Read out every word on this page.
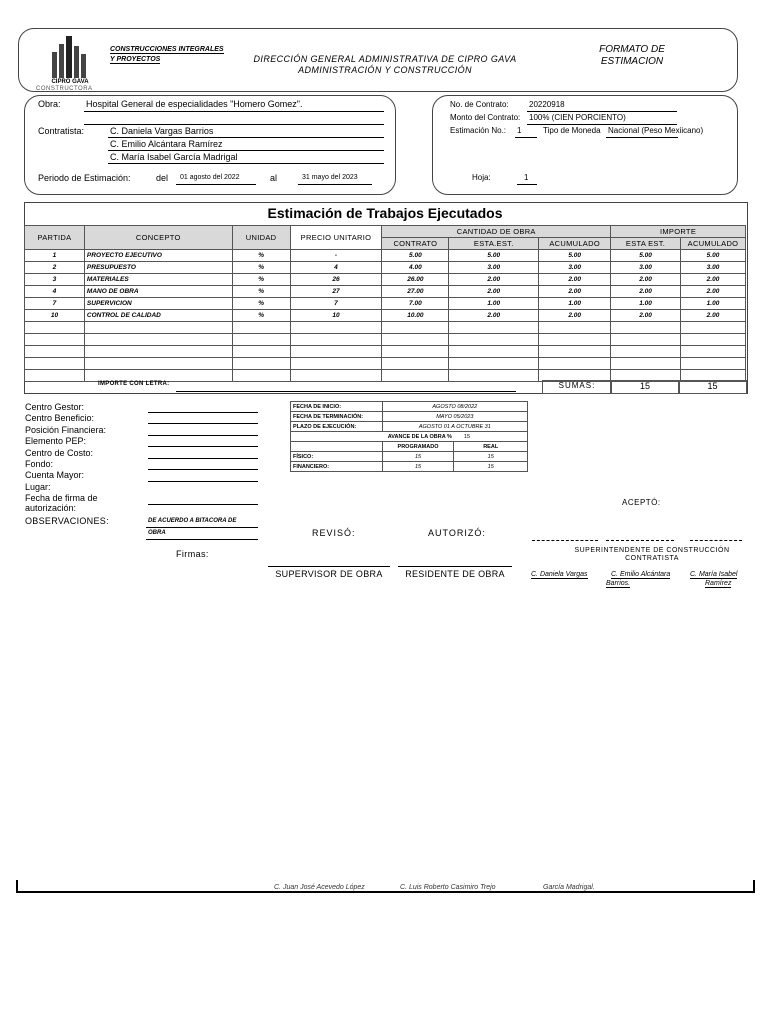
CIPRO GAVA
CONSTRUCTORA
CONSTRUCCIONES INTEGRALES
Y PROYECTOS	DIRECCIÓN GENERAL ADMINISTRATIVA DE CIPRO GAVA
ADMINISTRACIÓN Y CONSTRUCCIÓN
FORMATO DE
ESTIMACION
Obra:	Hospital General de especialidades "Homero Gomez".
Contratista:	C. Daniela Vargas Barrios
C. Emilio Alcántara Ramírez
C. María Isabel García Madrigal
Periodo de Estimación:	del 01 agosto del 2022	al	31 mayo del 2023
No. de Contrato:	20220918
Monto del Contrato: 100% (CIEN PORCIENTO)
Estimación No.: 1	Tipo de Moneda Nacional (Peso Mexiicano)
Hoja:	1
Estimación de Trabajos Ejecutados
PARTIDA	CONCEPTO	UNIDAD	PRECIO UNITARIO	CANTIDAD DE OBRA			IMPORTE	
				CONTRATO	ESTA.EST.	ACUMULADO	ESTA EST.	ACUMULADO
1	PROYECTO EJECUTIVO	%	-	5.00	5.00	5.00	5.00	5.00
2	PRESUPUESTO	%	4	4.00	3.00	3.00	3.00	3.00
3	MATERIALES	%	26	26.00	2.00	2.00	2.00	2.00
4	MANO DE OBRA	%	27	27.00	2.00	2.00	2.00	2.00
7	SUPERVICION	%	7	7.00	1.00	1.00	1.00	1.00
10	CONTROL DE CALIDAD	%	10	10.00	2.00	2.00	2.00	2.00

IMPORTE CON LETRA:	SUMAS:	15	15
Centro Gestor:
Centro Beneficio:
Posición Financiera:
Elemento PEP:
Centro de Costo:
Fondo:
Cuenta Mayor:
Lugar:
Fecha de firma de autorización:
OBSERVACIONES:	DE ACUERDO A BITACORA DE
OBRA
Firmas:
FECHA DE INICIO:	AGOSTO 08/2022	
FECHA DE TERMINACIÓN:	MAYO 05/2023	
PLAZO DE EJECUCIÓN:	AGOSTO 01 A OCTUBRE 31	
AVANCE DE LA OBRA %		15
	PROGRAMADO	REAL
FÍSICO:	15	15
FINANCIERO:	15	15
REVISÓ:	AUTORIZÓ:
ACEPTÓ:
SUPERINTENDENTE DE CONSTRUCCIÓN
CONTRATISTA
SUPERVISOR DE OBRA	RESIDENTE DE OBRA	C. Daniela Vargas	C. Emilio Alcántara
Barrios.
C. María Isabel
Ramírez
C. Juan José Acevedo López	C. Luis Roberto Casimiro Trejo	García Madrigal.
